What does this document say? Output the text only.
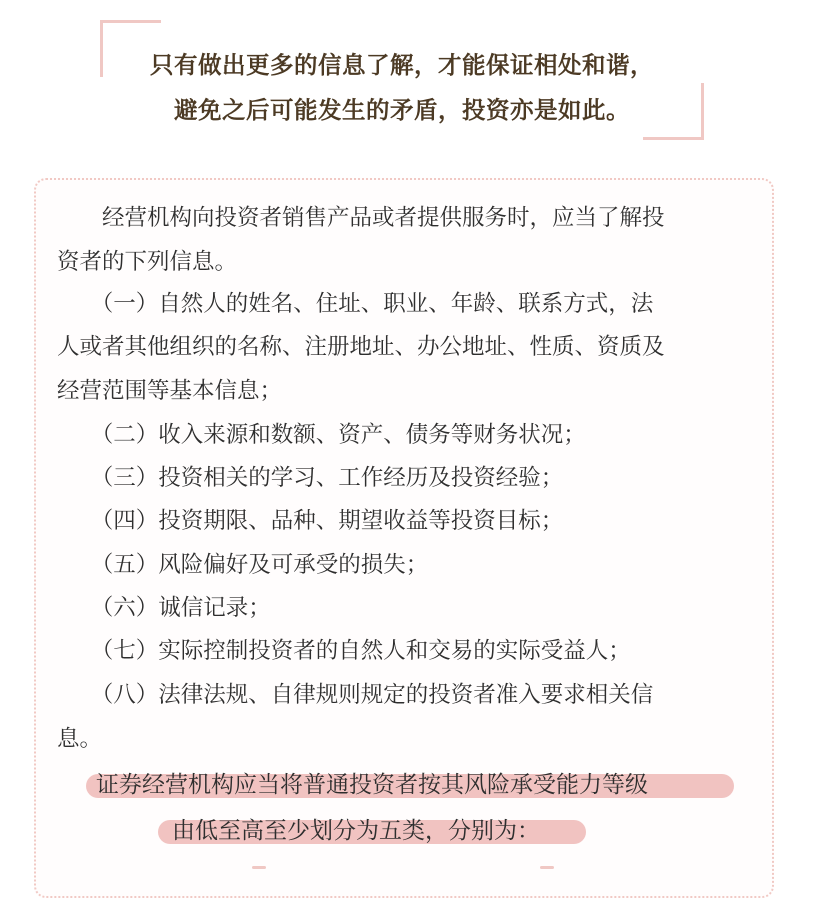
只有做出更多的信息了解，才能保证相处和谐，
避免之后可能发生的矛盾，投资亦是如此。
　　经营机构向投资者销售产品或者提供服务时，应当了解投
资者的下列信息。
　　（一）自然人的姓名、住址、职业、年龄、联系方式，法
人或者其他组织的名称、注册地址、办公地址、性质、资质及
经营范围等基本信息；
　　（二）收入来源和数额、资产、债务等财务状况；
　　（三）投资相关的学习、工作经历及投资经验；
　　（四）投资期限、品种、期望收益等投资目标；
　　（五）风险偏好及可承受的损失；
　　（六）诚信记录；
　　（七）实际控制投资者的自然人和交易的实际受益人；
　　（八）法律法规、自律规则规定的投资者准入要求相关信
息。
证券经营机构应当将普通投资者按其风险承受能力等级
由低至高至少划分为五类，分别为：
